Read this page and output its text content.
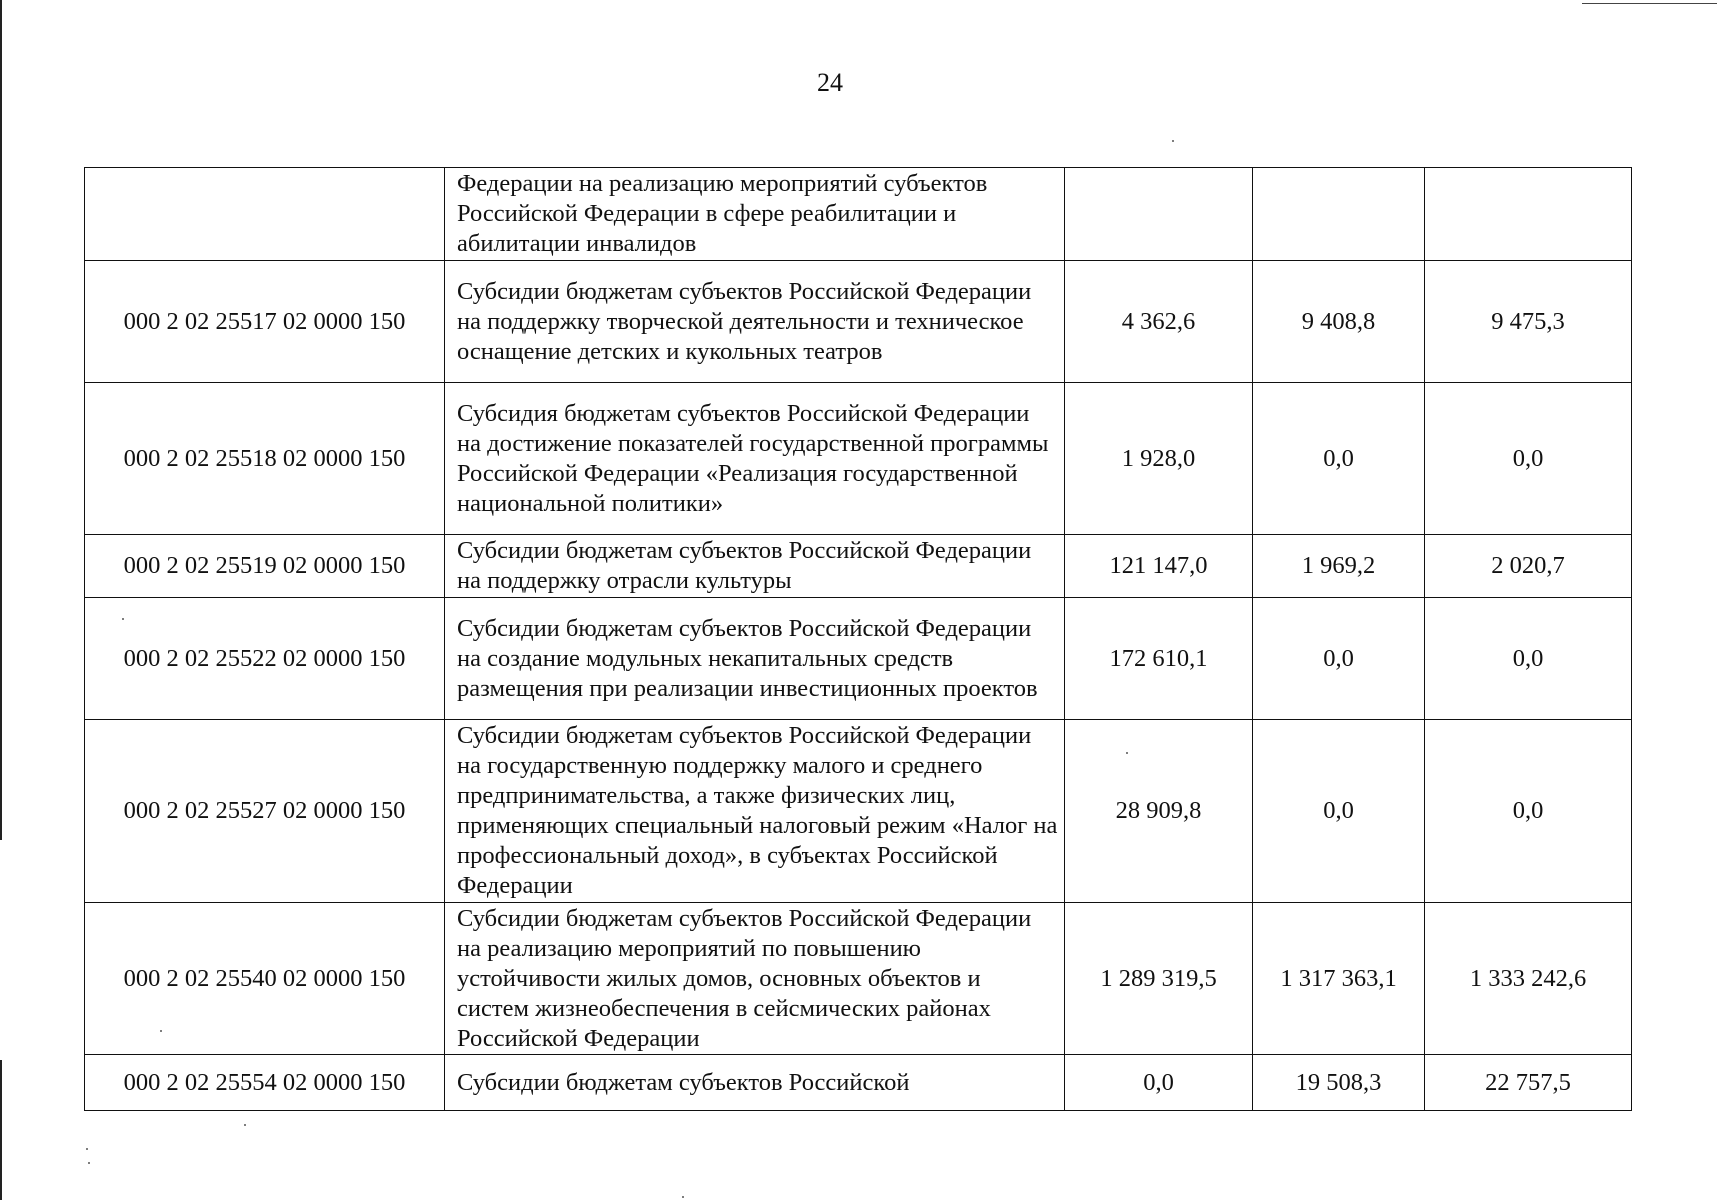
24
	Федерации на реализацию мероприятий субъектов Российской Федерации в сфере реабилитации и абилитации инвалидов			
000 2 02 25517 02 0000 150	Субсидии бюджетам субъектов Российской Федерации на поддержку творческой деятельности и техническое оснащение детских и кукольных театров	4 362,6	9 408,8	9 475,3
000 2 02 25518 02 0000 150	Субсидия бюджетам субъектов Российской Федерации на достижение показателей государственной программы Российской Федерации «Реализация государственной национальной политики»	1 928,0	0,0	0,0
000 2 02 25519 02 0000 150	Субсидии бюджетам субъектов Российской Федерации на поддержку отрасли культуры	121 147,0	1 969,2	2 020,7
000 2 02 25522 02 0000 150	Субсидии бюджетам субъектов Российской Федерации на создание модульных некапитальных средств размещения при реализации инвестиционных проектов	172 610,1	0,0	0,0
000 2 02 25527 02 0000 150	Субсидии бюджетам субъектов Российской Федерации на государственную поддержку малого и среднего предпринимательства, а также физических лиц, применяющих специальный налоговый режим «Налог на профессиональный доход», в субъектах Российской Федерации	28 909,8	0,0	0,0
000 2 02 25540 02 0000 150	Субсидии бюджетам субъектов Российской Федерации на реализацию мероприятий по повышению устойчивости жилых домов, основных объектов и систем жизнеобеспечения в сейсмических районах Российской Федерации	1 289 319,5	1 317 363,1	1 333 242,6
000 2 02 25554 02 0000 150	Субсидии бюджетам субъектов Российской	0,0	19 508,3	22 757,5
